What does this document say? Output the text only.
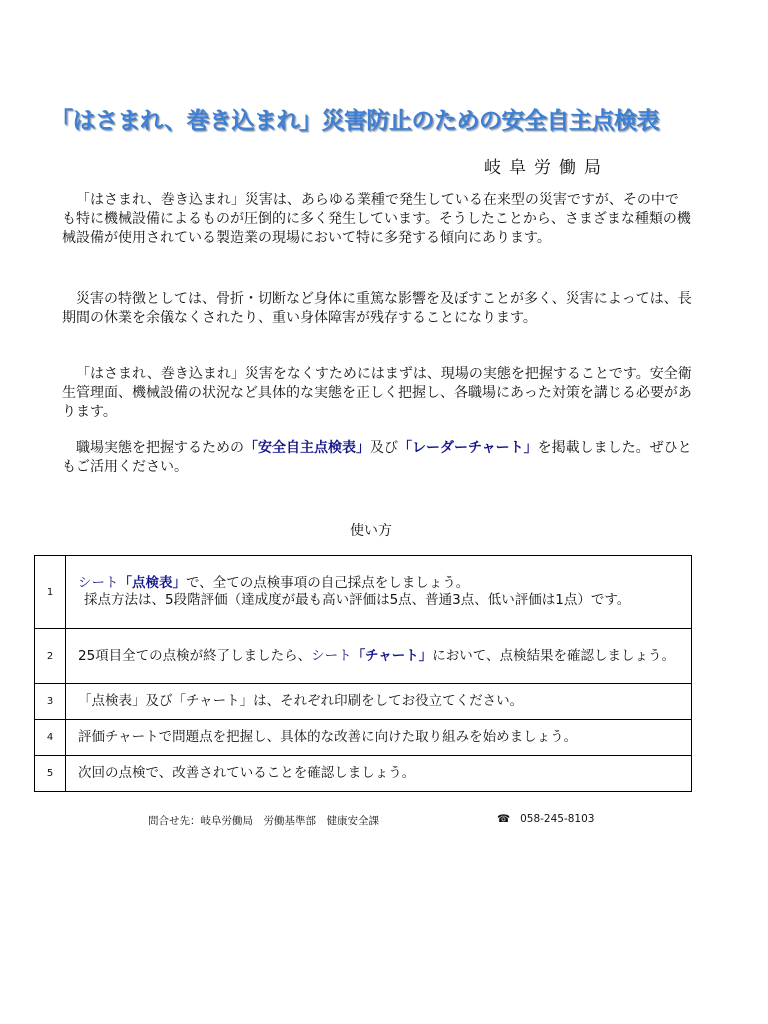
「はさまれ、巻き込まれ」災害防止のための安全自主点検表
岐阜労働局

「はさまれ、巻き込まれ」災害は、あらゆる業種で発生している在来型の災害ですが、その中でも特に機械設備によるものが圧倒的に多く発生しています。そうしたことから、さまざまな種類の機械設備が使用されている製造業の現場において特に多発する傾向にあります。

災害の特徴としては、骨折・切断など身体に重篤な影響を及ぼすことが多く、災害によっては、長期間の休業を余儀なくされたり、重い身体障害が残存することになります。

「はさまれ、巻き込まれ」災害をなくすためにはまずは、現場の実態を把握することです。安全衛生管理面、機械設備の状況など具体的な実態を正しく把握し、各職場にあった対策を講じる必要があります。

職場実態を把握するための「安全自主点検表」及び「レーダーチャート」を掲載しました。ぜひともご活用ください。

使い方
1	シート「点検表」で、全ての点検事項の自己採点をしましょう。
採点方法は、5段階評価（達成度が最も高い評価は5点、普通3点、低い評価は1点）です。

2	25項目全ての点検が終了しましたら、シート「チャート」において、点検結果を確認しましょう。
3	「点検表」及び「チャート」は、それぞれ印刷をしてお役立てください。
4	評価チャートで問題点を把握し、具体的な改善に向けた取り組みを始めましょう。
5	次回の点検で、改善されていることを確認しましょう。
問合せ先：岐阜労働局　労働基準部　健康安全課	☎ 058-245-8103
